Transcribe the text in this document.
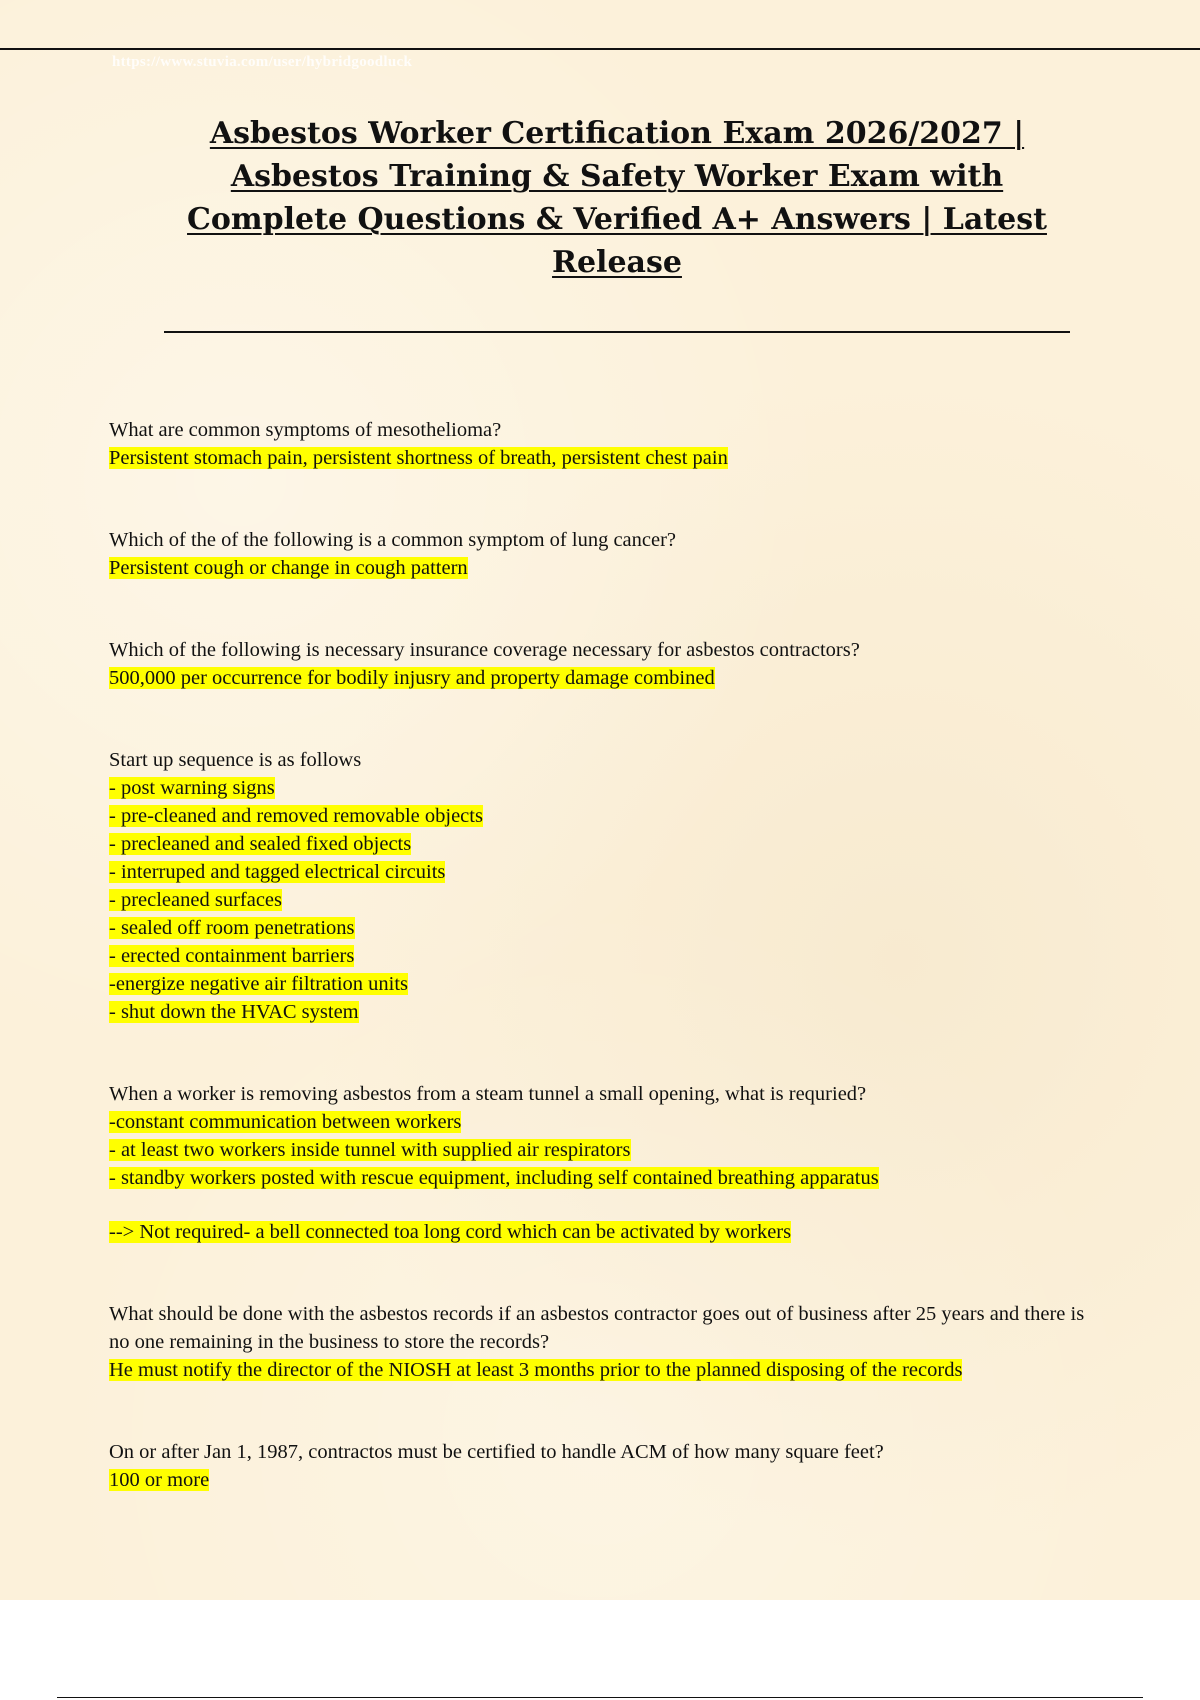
https://www.stuvia.com/user/hybridgoodluck
Asbestos Worker Certification Exam 2026/2027 |
Asbestos Training & Safety Worker Exam with
Complete Questions & Verified A+ Answers | Latest
Release
What are common symptoms of mesothelioma?
Persistent stomach pain, persistent shortness of breath, persistent chest pain
Which of the of the following is a common symptom of lung cancer?
Persistent cough or change in cough pattern
Which of the following is necessary insurance coverage necessary for asbestos contractors?
500,000 per occurrence for bodily injusry and property damage combined
Start up sequence is as follows
- post warning signs
- pre-cleaned and removed removable objects
- precleaned and sealed fixed objects
- interruped and tagged electrical circuits
- precleaned surfaces
- sealed off room penetrations
- erected containment barriers
-energize negative air filtration units
- shut down the HVAC system
When a worker is removing asbestos from a steam tunnel a small opening, what is requried?
-constant communication between workers
- at least two workers inside tunnel with supplied air respirators
- standby workers posted with rescue equipment, including self contained breathing apparatus
--> Not required- a bell connected toa long cord which can be activated by workers
What should be done with the asbestos records if an asbestos contractor goes out of business after 25 years and there is no one remaining in the business to store the records?
He must notify the director of the NIOSH at least 3 months prior to the planned disposing of the records
On or after Jan 1, 1987, contractos must be certified to handle ACM of how many square feet?
100 or more
